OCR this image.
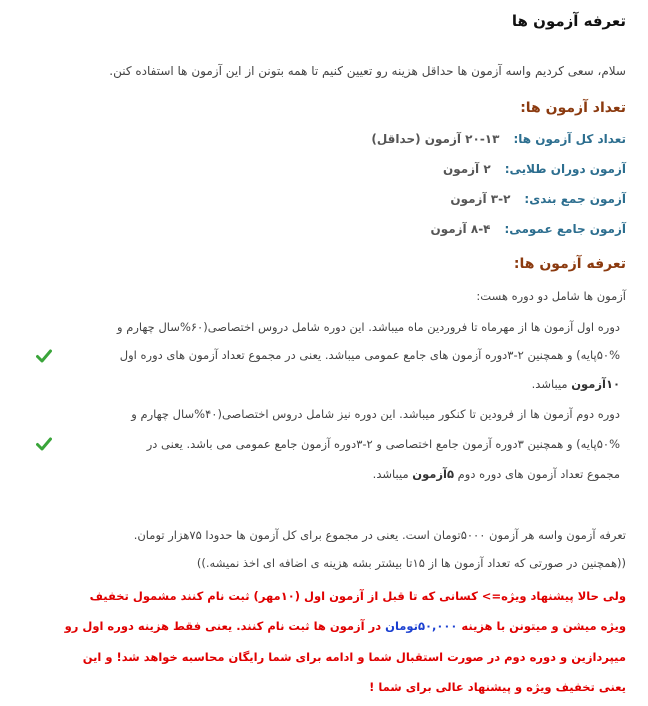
تعرفه آزمون ها
سلام، سعی کردیم واسه آزمون ها حداقل هزینه رو تعیین کنیم تا همه بتونن از این آزمون ها استفاده کنن.
تعداد آزمون ها:
تعداد کل آزمون ها:۱۳-۲۰ آزمون (حداقل)
آزمون دوران طلایی:۲ آزمون
آزمون جمع بندی:۲-۳ آزمون
آزمون جامع عمومی:۴-۸ آزمون
تعرفه آزمون ها:
آزمون ها شامل دو دوره هست:
دوره اول آزمون ها از مهرماه تا فروردین ماه میباشد. این دوره شامل دروس اختصاصی(۶۰%سال چهارم و
۵۰%پایه) و همچنین ۲-۳دوره آزمون های جامع عمومی میباشد. یعنی در مجموع تعداد آزمون های دوره اول
۱۰آزمون میباشد.
دوره دوم آزمون ها از فرودین تا کنکور میباشد. این دوره نیز شامل دروس اختصاصی(۴۰%سال چهارم و
۵۰%پایه) و همچنین ۳دوره آزمون جامع اختصاصی و ۲-۳دوره آزمون جامع عمومی می باشد. یعنی در
مجموع تعداد آزمون های دوره دوم ۵آزمون میباشد.
تعرفه آزمون واسه هر آزمون ۵۰۰۰تومان است. یعنی در مجموع برای کل آزمون ها حدودا ۷۵هزار تومان.
((همچنین در صورتی که تعداد آزمون ها از ۱۵تا بیشتر بشه هزینه ی اضافه ای اخذ نمیشه.))
ولی حالا پیشنهاد ویژه=> کسانی که تا قبل از آزمون اول (۱۰مهر) ثبت نام کنند مشمول تخفیف
ویژه میشن و میتونن با هزینه ۵۰,۰۰۰تومان در آزمون ها ثبت نام کنند. یعنی فقط هزینه دوره اول رو
میپردازین و دوره دوم در صورت استقبال شما و ادامه برای شما رایگان محاسبه خواهد شد! و این
یعنی تخفیف ویژه و پیشنهاد عالی برای شما !
